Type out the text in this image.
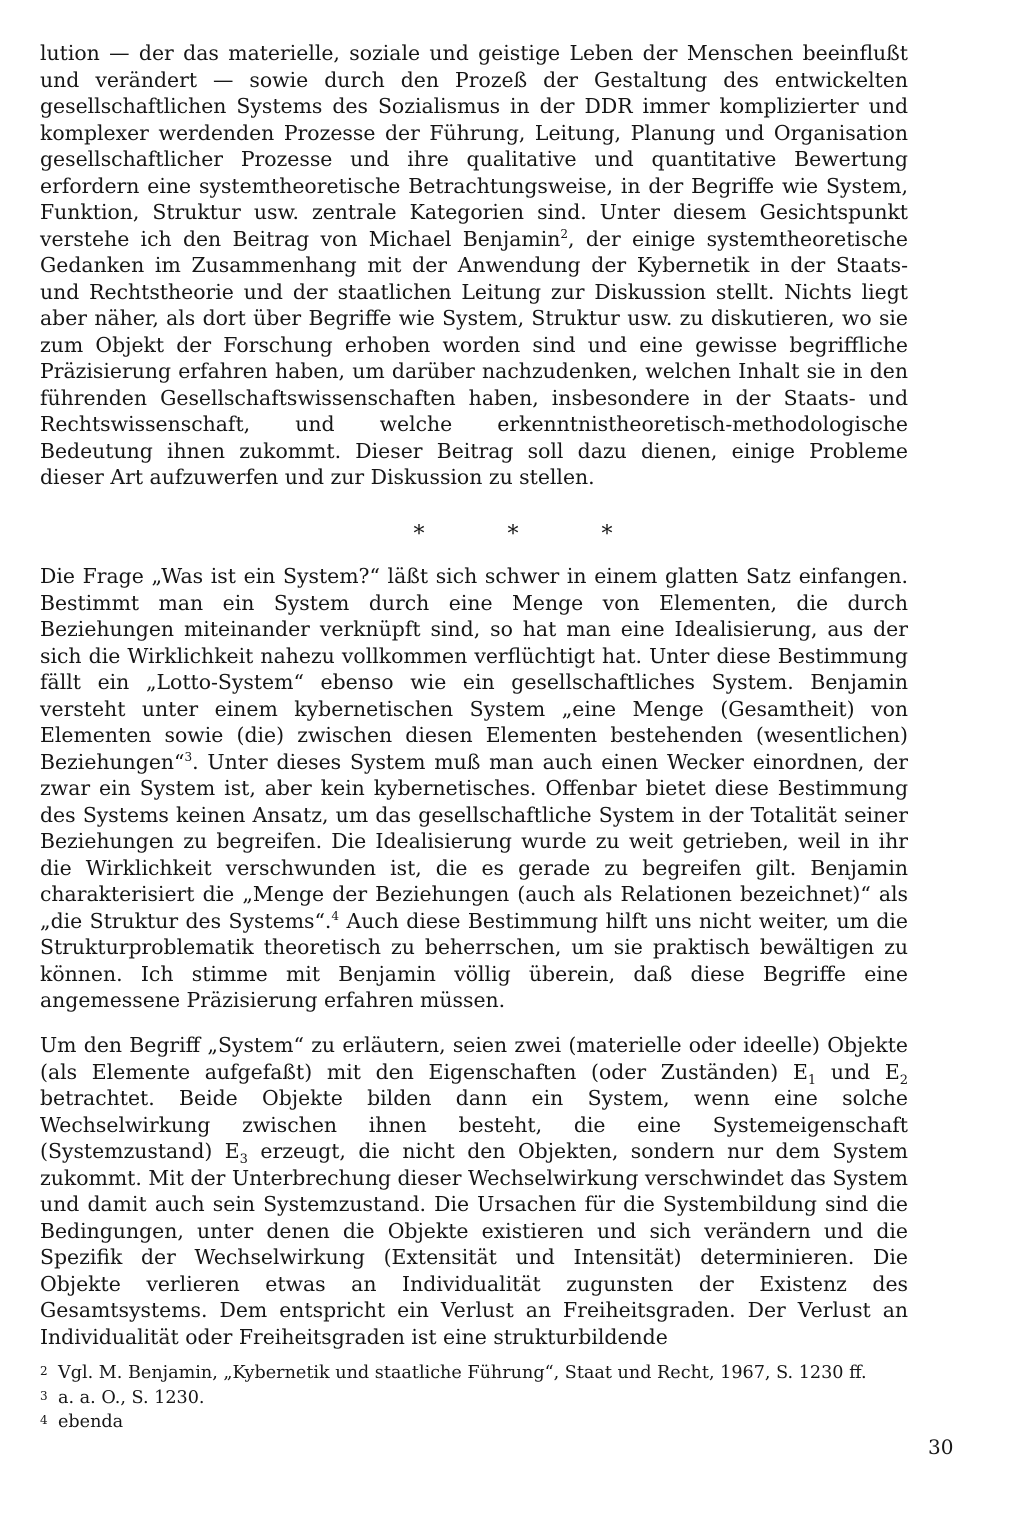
lution — der das materielle, soziale und geistige Leben der Menschen beeinflußt und verändert — sowie durch den Prozeß der Gestaltung des entwickelten gesellschaftlichen Systems des Sozialismus in der DDR immer komplizierter und komplexer werdenden Prozesse der Führung, Leitung, Planung und Organisation gesellschaftlicher Prozesse und ihre qualitative und quantitative Bewertung erfordern eine systemtheoretische Betrachtungsweise, in der Begriffe wie System, Funktion, Struktur usw. zentrale Kategorien sind. Unter diesem Gesichtspunkt verstehe ich den Beitrag von Michael Benjamin$^2$, der einige systemtheoretische Gedanken im Zusammenhang mit der Anwendung der Kybernetik in der Staats- und Rechtstheorie und der staatlichen Leitung zur Diskussion stellt. Nichts liegt aber näher, als dort über Begriffe wie System, Struktur usw. zu diskutieren, wo sie zum Objekt der Forschung erhoben worden sind und eine gewisse begriffliche Präzisierung erfahren haben, um darüber nachzudenken, welchen Inhalt sie in den führenden Gesellschaftswissenschaften haben, insbesondere in der Staats- und Rechtswissenschaft, und welche erkenntnistheoretisch-methodologische Bedeutung ihnen zukommt. Dieser Beitrag soll dazu dienen, einige Probleme dieser Art aufzuwerfen und zur Diskussion zu stellen.

* * *

Die Frage „Was ist ein System?“ läßt sich schwer in einem glatten Satz einfangen. Bestimmt man ein System durch eine Menge von Elementen, die durch Beziehungen miteinander verknüpft sind, so hat man eine Idealisierung, aus der sich die Wirklichkeit nahezu vollkommen verflüchtigt hat. Unter diese Bestimmung fällt ein „Lotto-System“ ebenso wie ein gesellschaftliches System. Benjamin versteht unter einem kybernetischen System „eine Menge (Gesamtheit) von Elementen sowie (die) zwischen diesen Elementen bestehenden (wesentlichen) Beziehungen“$^3$. Unter dieses System muß man auch einen Wecker einordnen, der zwar ein System ist, aber kein kybernetisches. Offenbar bietet diese Bestimmung des Systems keinen Ansatz, um das gesellschaftliche System in der Totalität seiner Beziehungen zu begreifen. Die Idealisierung wurde zu weit getrieben, weil in ihr die Wirklichkeit verschwunden ist, die es gerade zu begreifen gilt. Benjamin charakterisiert die „Menge der Beziehungen (auch als Relationen bezeichnet)“ als „die Struktur des Systems“.$^4$ Auch diese Bestimmung hilft uns nicht weiter, um die Strukturproblematik theoretisch zu beherrschen, um sie praktisch bewältigen zu können. Ich stimme mit Benjamin völlig überein, daß diese Begriffe eine angemessene Präzisierung erfahren müssen.

Um den Begriff „System“ zu erläutern, seien zwei (materielle oder ideelle) Objekte (als Elemente aufgefaßt) mit den Eigenschaften (oder Zuständen) $E_1$ und $E_2$ betrachtet. Beide Objekte bilden dann ein System, wenn eine solche Wechselwirkung zwischen ihnen besteht, die eine Systemeigenschaft (Systemzustand) $E_3$ erzeugt, die nicht den Objekten, sondern nur dem System zukommt. Mit der Unterbrechung dieser Wechselwirkung verschwindet das System und damit auch sein Systemzustand. Die Ursachen für die Systembildung sind die Bedingungen, unter denen die Objekte existieren und sich verändern und die Spezifik der Wechselwirkung (Extensität und Intensität) determinieren. Die Objekte verlieren etwas an Individualität zugunsten der Existenz des Gesamtsystems. Dem entspricht ein Verlust an Freiheitsgraden. Der Verlust an Individualität oder Freiheitsgraden ist eine strukturbildende

2 Vgl. M. Benjamin, „Kybernetik und staatliche Führung“, Staat und Recht, 1967, S. 1230 ff.
3 a. a. O., S. 1230.
4 ebenda
30
